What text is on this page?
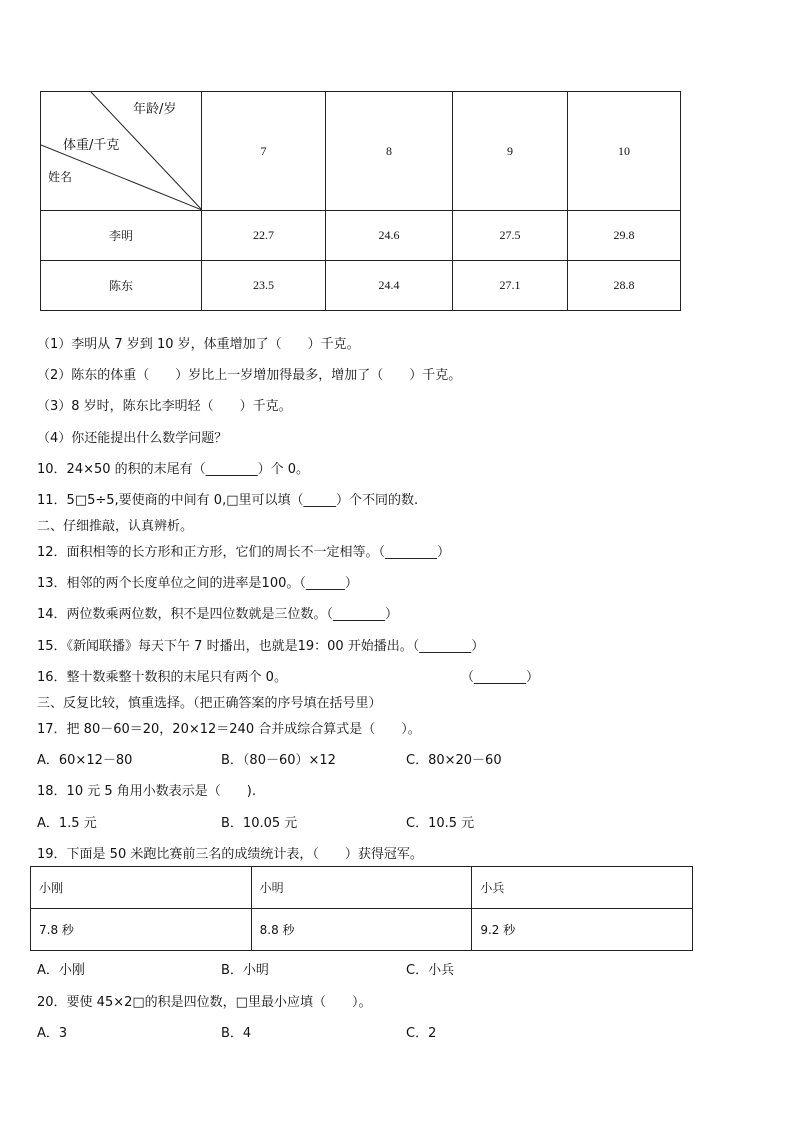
年龄/岁
体重/千克
姓名	7	8	9	10
李明	22.7	24.6	27.5	29.8
陈东	23.5	24.4	27.1	28.8
（1）李明从 7 岁到 10 岁，体重增加了（　　）千克。
（2）陈东的体重（　　）岁比上一岁增加得最多，增加了（　　）千克。
（3）8 岁时，陈东比李明轻（　　）千克。
（4）你还能提出什么数学问题？
10．24×50 的积的末尾有（________）个 0。
11．5□5÷5,要使商的中间有 0,□里可以填（_____）个不同的数.
二、仔细推敲，认真辨析。
12．面积相等的长方形和正方形，它们的周长不一定相等。（________）
13．相邻的两个长度单位之间的进率是100。（______）
14．两位数乘两位数，积不是四位数就是三位数。（________）
15．《新闻联播》每天下午 7 时播出，也就是19：00 开始播出。（________）
16．整十数乘整十数积的末尾只有两个 0。	（________）
三、反复比较，慎重选择。（把正确答案的序号填在括号里）
17．把 80－60＝20，20×12＝240 合并成综合算式是（　　）。
A．60×12－80	B．（80－60）×12	C．80×20－60
18．10 元 5 角用小数表示是（　　).
A．1.5 元	B．10.05 元	C．10.5 元
19．下面是 50 米跑比赛前三名的成绩统计表，（　　）获得冠军。
小刚	小明	小兵
7.8 秒	8.8 秒	9.2 秒
A．小刚	B．小明	C．小兵
20．要使 45×2□的积是四位数，□里最小应填（　　）。
A．3	B．4	C．2
